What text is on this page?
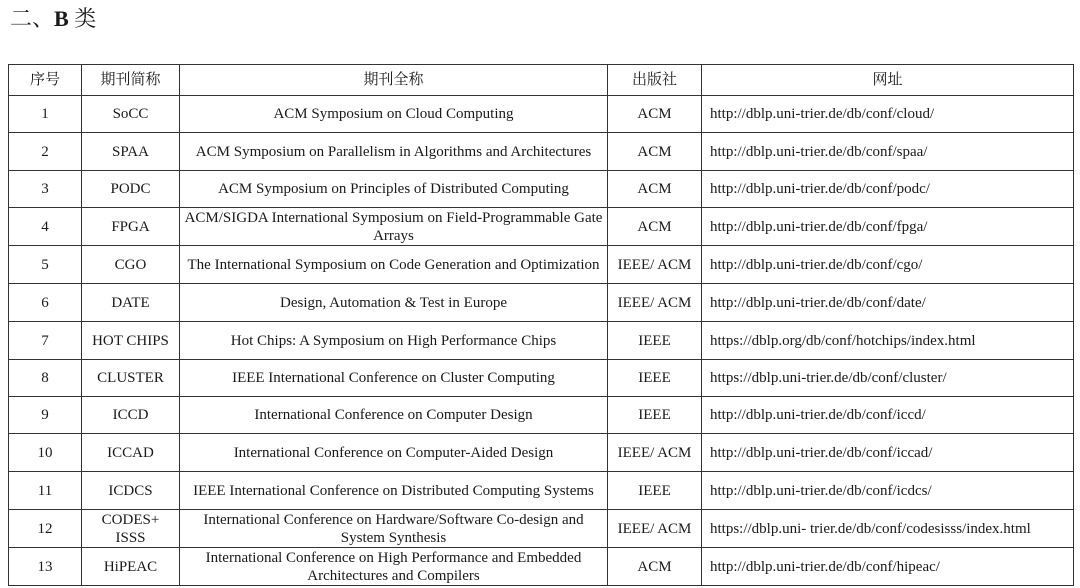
二、B 类
序号	期刊简称	期刊全称	出版社	网址
1	SoCC	ACM Symposium on Cloud Computing	ACM	http://dblp.uni-trier.de/db/conf/cloud/
2	SPAA	ACM Symposium on Parallelism in Algorithms and Architectures	ACM	http://dblp.uni-trier.de/db/conf/spaa/
3	PODC	ACM Symposium on Principles of Distributed Computing	ACM	http://dblp.uni-trier.de/db/conf/podc/
4	FPGA	ACM/SIGDA International Symposium on Field-Programmable Gate Arrays	ACM	http://dblp.uni-trier.de/db/conf/fpga/
5	CGO	The International Symposium on Code Generation and Optimization	IEEE/ ACM	http://dblp.uni-trier.de/db/conf/cgo/
6	DATE	Design, Automation & Test in Europe	IEEE/ ACM	http://dblp.uni-trier.de/db/conf/date/
7	HOT CHIPS	Hot Chips: A Symposium on High Performance Chips	IEEE	https://dblp.org/db/conf/hotchips/index.html
8	CLUSTER	IEEE International Conference on Cluster Computing	IEEE	https://dblp.uni-trier.de/db/conf/cluster/
9	ICCD	International Conference on Computer Design	IEEE	http://dblp.uni-trier.de/db/conf/iccd/
10	ICCAD	International Conference on Computer-Aided Design	IEEE/ ACM	http://dblp.uni-trier.de/db/conf/iccad/
11	ICDCS	IEEE International Conference on Distributed Computing Systems	IEEE	http://dblp.uni-trier.de/db/conf/icdcs/
12	CODES+ ISSS	International Conference on Hardware/Software Co-design and System Synthesis	IEEE/ ACM	https://dblp.uni- trier.de/db/conf/codesisss/index.html
13	HiPEAC	International Conference on High Performance and Embedded Architectures and Compilers	ACM	http://dblp.uni-trier.de/db/conf/hipeac/
